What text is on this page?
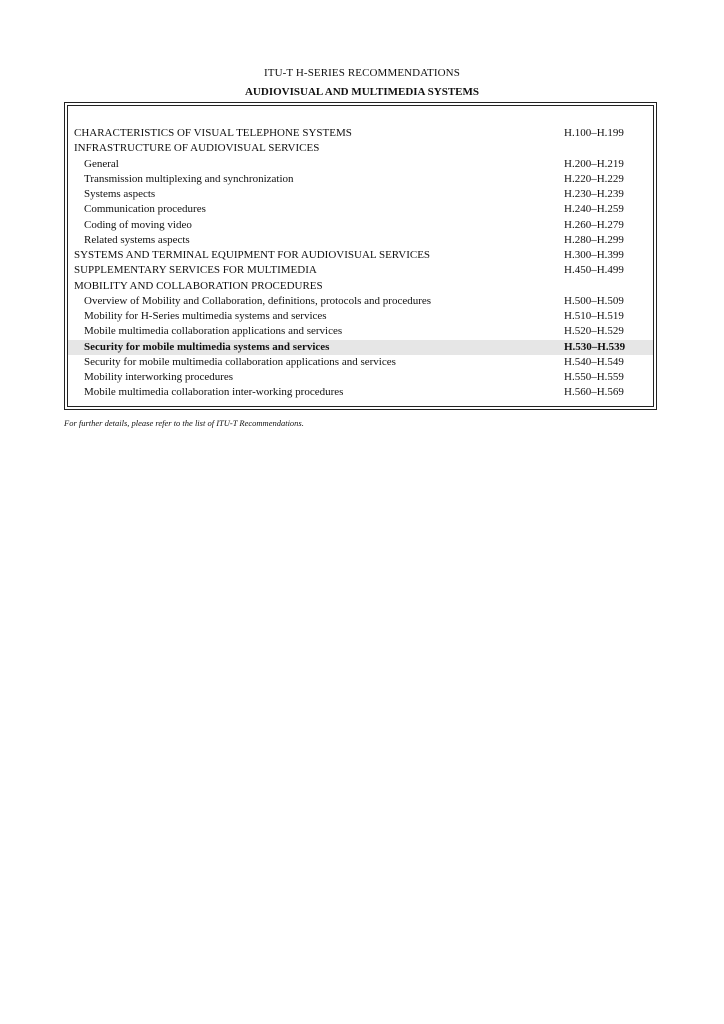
ITU-T H-SERIES RECOMMENDATIONS
AUDIOVISUAL AND MULTIMEDIA SYSTEMS
CHARACTERISTICS OF VISUAL TELEPHONE SYSTEMS	H.100–H.199
INFRASTRUCTURE OF AUDIOVISUAL SERVICES
General	H.200–H.219
Transmission multiplexing and synchronization	H.220–H.229
Systems aspects	H.230–H.239
Communication procedures	H.240–H.259
Coding of moving video	H.260–H.279
Related systems aspects	H.280–H.299
SYSTEMS AND TERMINAL EQUIPMENT FOR AUDIOVISUAL SERVICES	H.300–H.399
SUPPLEMENTARY SERVICES FOR MULTIMEDIA	H.450–H.499
MOBILITY AND COLLABORATION PROCEDURES
Overview of Mobility and Collaboration, definitions, protocols and procedures	H.500–H.509
Mobility for H-Series multimedia systems and services	H.510–H.519
Mobile multimedia collaboration applications and services	H.520–H.529
Security for mobile multimedia systems and services	H.530–H.539
Security for mobile multimedia collaboration applications and services	H.540–H.549
Mobility interworking procedures	H.550–H.559
Mobile multimedia collaboration inter-working procedures	H.560–H.569
For further details, please refer to the list of ITU-T Recommendations.
